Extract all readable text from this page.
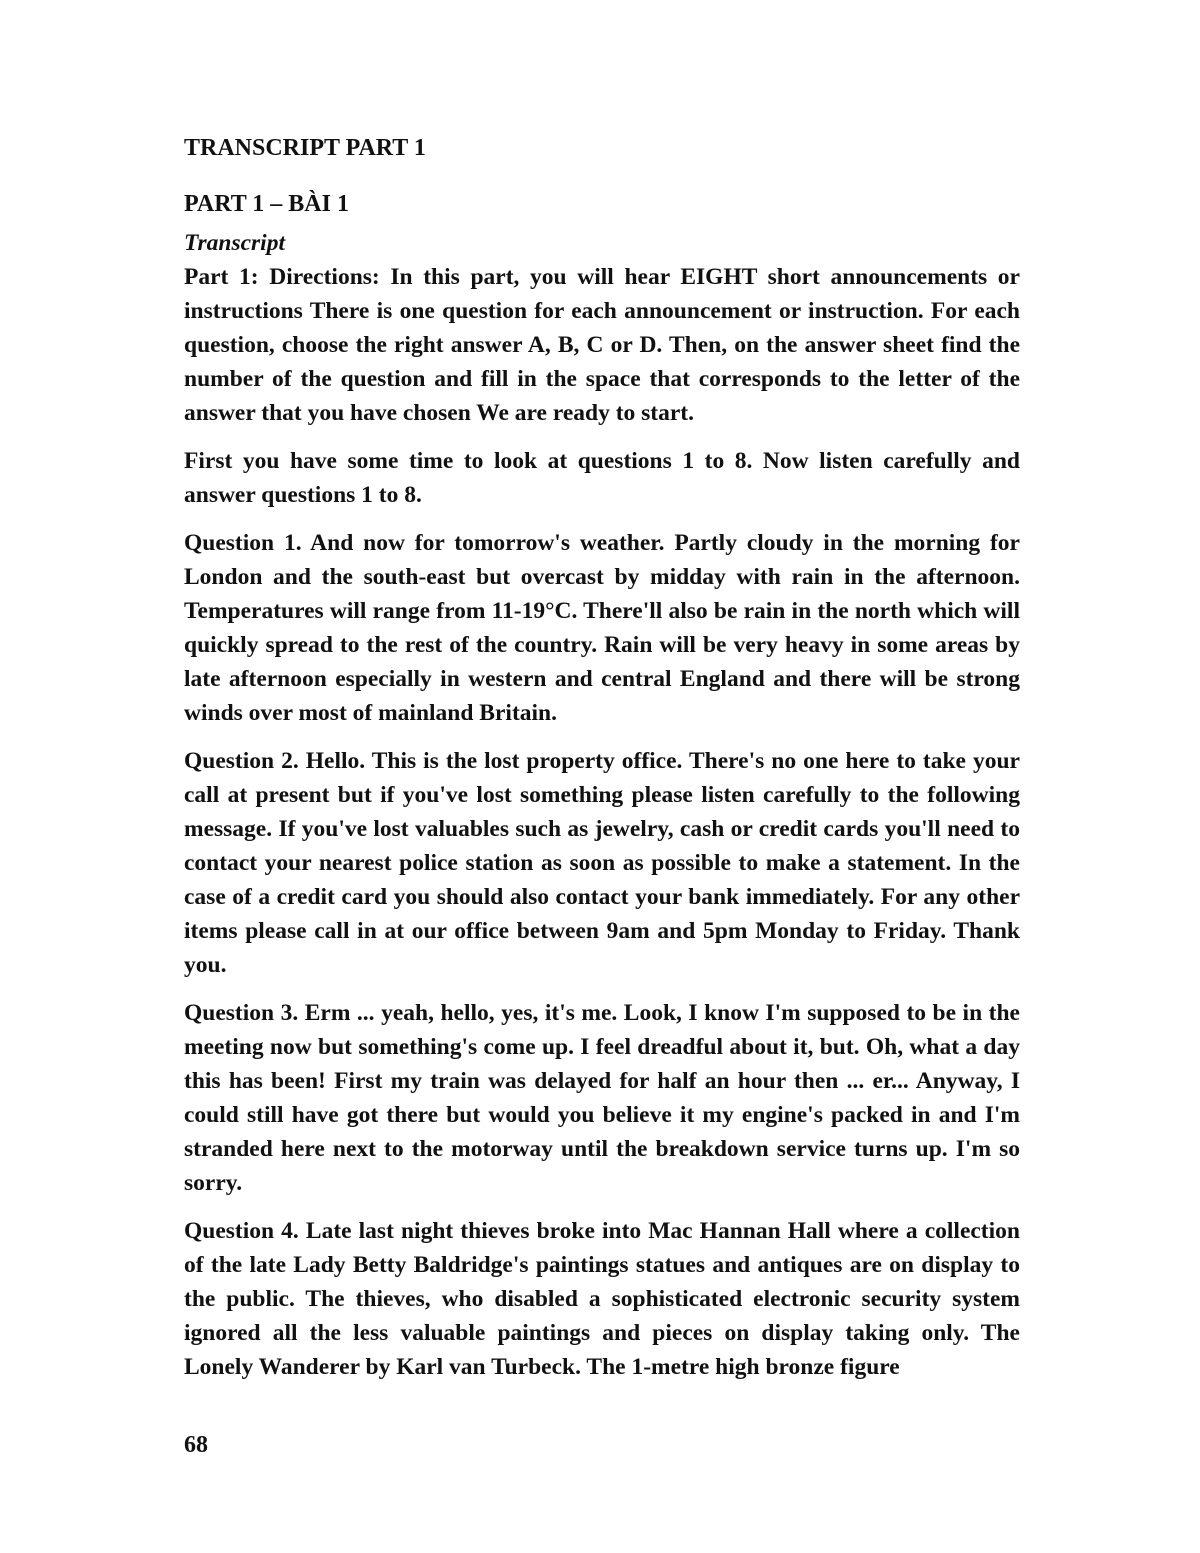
TRANSCRIPT PART 1
PART 1 – BÀI 1
Transcript

Part 1: Directions: In this part, you will hear EIGHT short announcements or instructions There is one question for each announcement or instruction. For each question, choose the right answer A, B, C or D. Then, on the answer sheet find the number of the question and fill in the space that corresponds to the letter of the answer that you have chosen We are ready to start.

First you have some time to look at questions 1 to 8. Now listen carefully and answer questions 1 to 8.

Question 1. And now for tomorrow's weather. Partly cloudy in the morning for London and the south-east but overcast by midday with rain in the afternoon. Temperatures will range from 11-19°C. There'll also be rain in the north which will quickly spread to the rest of the country. Rain will be very heavy in some areas by late afternoon especially in western and central England and there will be strong winds over most of mainland Britain.

Question 2. Hello. This is the lost property office. There's no one here to take your call at present but if you've lost something please listen carefully to the following message. If you've lost valuables such as jewelry, cash or credit cards you'll need to contact your nearest police station as soon as possible to make a statement. In the case of a credit card you should also contact your bank immediately. For any other items please call in at our office between 9am and 5pm Monday to Friday. Thank you.

Question 3. Erm ... yeah, hello, yes, it's me. Look, I know I'm supposed to be in the meeting now but something's come up. I feel dreadful about it, but. Oh, what a day this has been! First my train was delayed for half an hour then ... er... Anyway, I could still have got there but would you believe it my engine's packed in and I'm stranded here next to the motorway until the breakdown service turns up. I'm so sorry.

Question 4. Late last night thieves broke into Mac Hannan Hall where a collection of the late Lady Betty Baldridge's paintings statues and antiques are on display to the public. The thieves, who disabled a sophisticated electronic security system ignored all the less valuable paintings and pieces on display taking only. The Lonely Wanderer by Karl van Turbeck. The 1-metre high bronze figure

68
